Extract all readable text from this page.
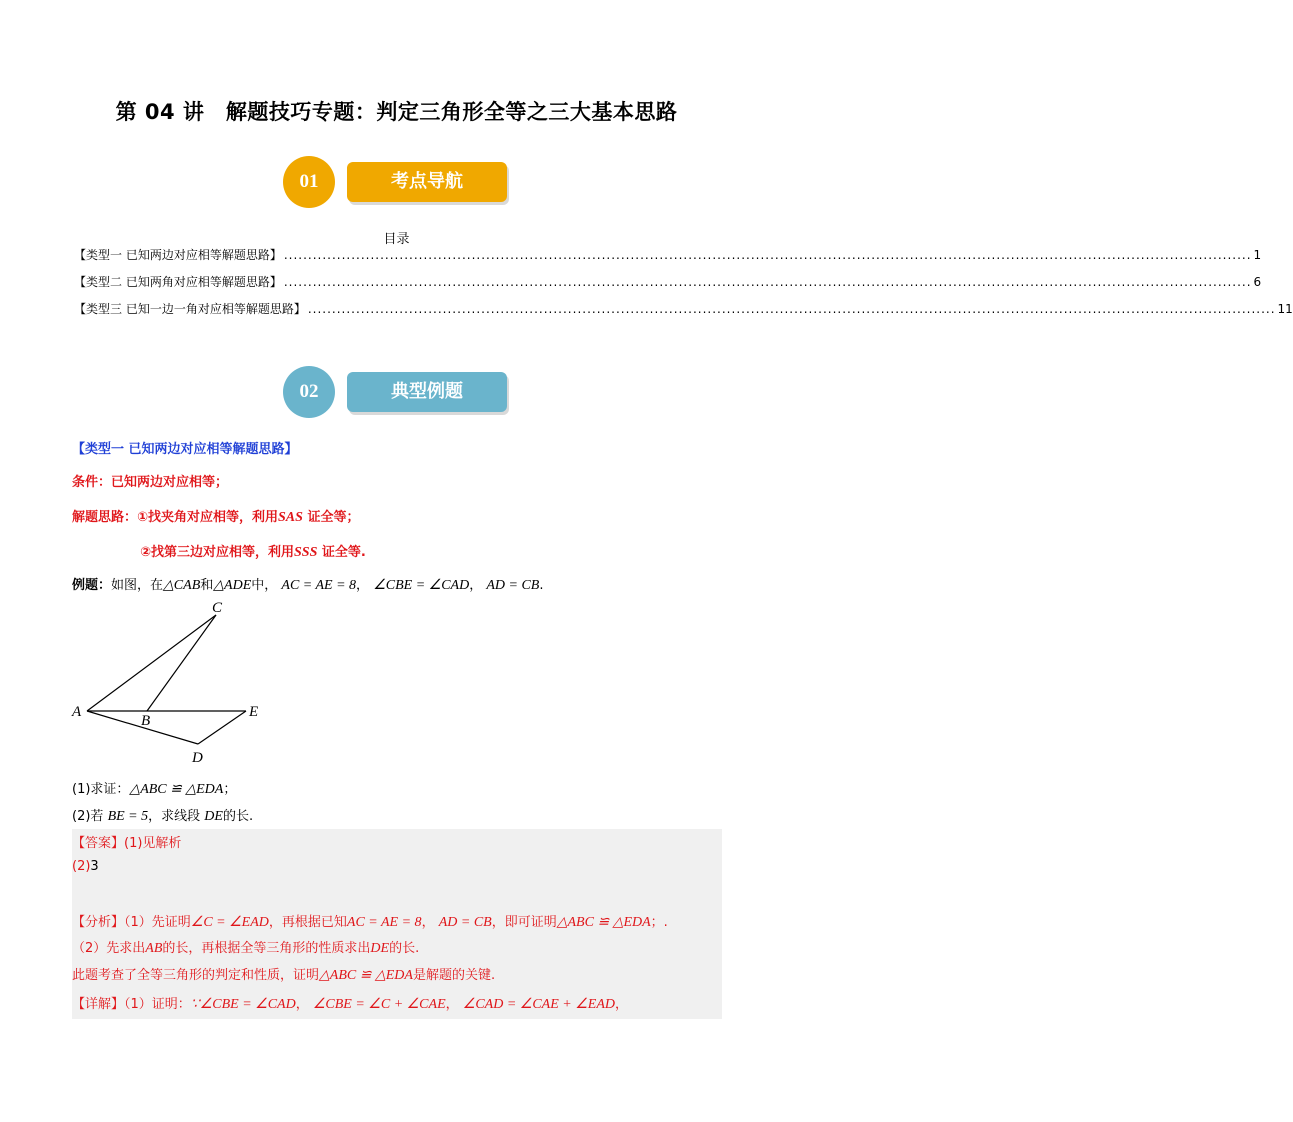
第 04 讲　解题技巧专题：判定三角形全等之三大基本思路
01	考点导航
目录
【类型一 已知两边对应相等解题思路】 ......................................................................................................................................................................................................... 1
【类型二 已知两角对应相等解题思路】 ......................................................................................................................................................................................................... 6
【类型三 已知一边一角对应相等解题思路】 ......................................................................................................................................................................................................... 11
02	典型例题
【类型一 已知两边对应相等解题思路】
条件：已知两边对应相等；
解题思路：①找夹角对应相等，利用SAS 证全等；
②找第三边对应相等，利用SSS 证全等.
例题：如图，在△CAB和△ADE中， AC = AE = 8， ∠CBE = ∠CAD， AD = CB.
C
A
B
E
D
(1)求证：△ABC ≌ △EDA；
(2)若 BE = 5，求线段 DE的长.
【答案】(1)见解析
(2)3
【分析】（1）先证明∠C = ∠EAD，再根据已知AC = AE = 8， AD = CB，即可证明△ABC ≌ △EDA；.
（2）先求出AB的长，再根据全等三角形的性质求出DE的长.
此题考查了全等三角形的判定和性质，证明△ABC ≌ △EDA是解题的关键.
【详解】（1）证明：∵∠CBE = ∠CAD， ∠CBE = ∠C + ∠CAE， ∠CAD = ∠CAE + ∠EAD，
